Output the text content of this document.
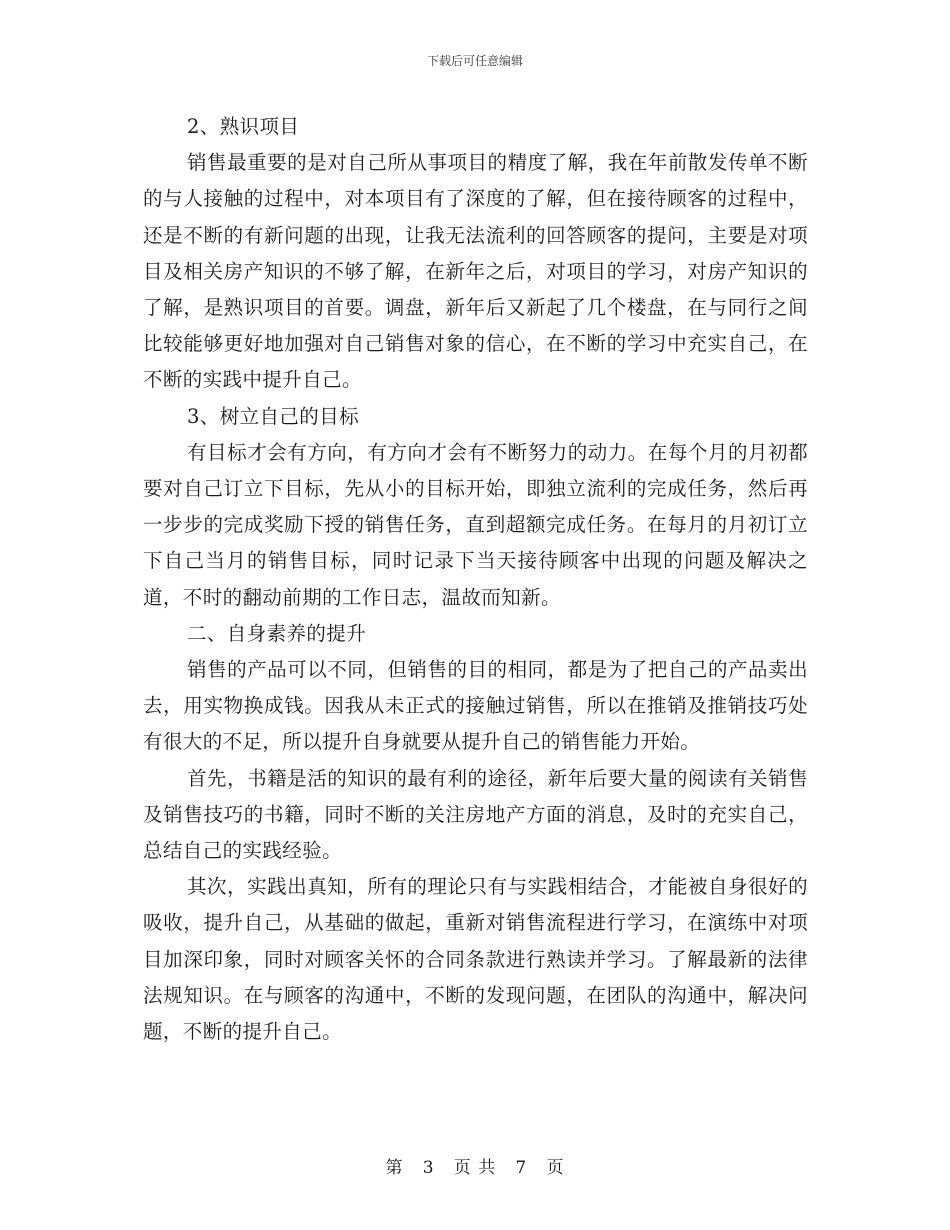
下载后可任意编辑

2、熟识项目

销售最重要的是对自己所从事项目的精度了解，我在年前散发传单不断的与人接触的过程中，对本项目有了深度的了解，但在接待顾客的过程中，还是不断的有新问题的出现，让我无法流利的回答顾客的提问，主要是对项目及相关房产知识的不够了解，在新年之后，对项目的学习，对房产知识的了解，是熟识项目的首要。调盘，新年后又新起了几个楼盘，在与同行之间比较能够更好地加强对自己销售对象的信心，在不断的学习中充实自己，在不断的实践中提升自己。

3、树立自己的目标

有目标才会有方向，有方向才会有不断努力的动力。在每个月的月初都要对自己订立下目标，先从小的目标开始，即独立流利的完成任务，然后再一步步的完成奖励下授的销售任务，直到超额完成任务。在每月的月初订立下自己当月的销售目标，同时记录下当天接待顾客中出现的问题及解决之道，不时的翻动前期的工作日志，温故而知新。

二、自身素养的提升

销售的产品可以不同，但销售的目的相同，都是为了把自己的产品卖出去，用实物换成钱。因我从未正式的接触过销售，所以在推销及推销技巧处有很大的不足，所以提升自身就要从提升自己的销售能力开始。

首先，书籍是活的知识的最有利的途径，新年后要大量的阅读有关销售及销售技巧的书籍，同时不断的关注房地产方面的消息，及时的充实自己，总结自己的实践经验。

其次，实践出真知，所有的理论只有与实践相结合，才能被自身很好的吸收，提升自己，从基础的做起，重新对销售流程进行学习，在演练中对项目加深印象，同时对顾客关怀的合同条款进行熟读并学习。了解最新的法律法规知识。在与顾客的沟通中，不断的发现问题，在团队的沟通中，解决问题，不断的提升自己。

第 3 页 共 7 页
